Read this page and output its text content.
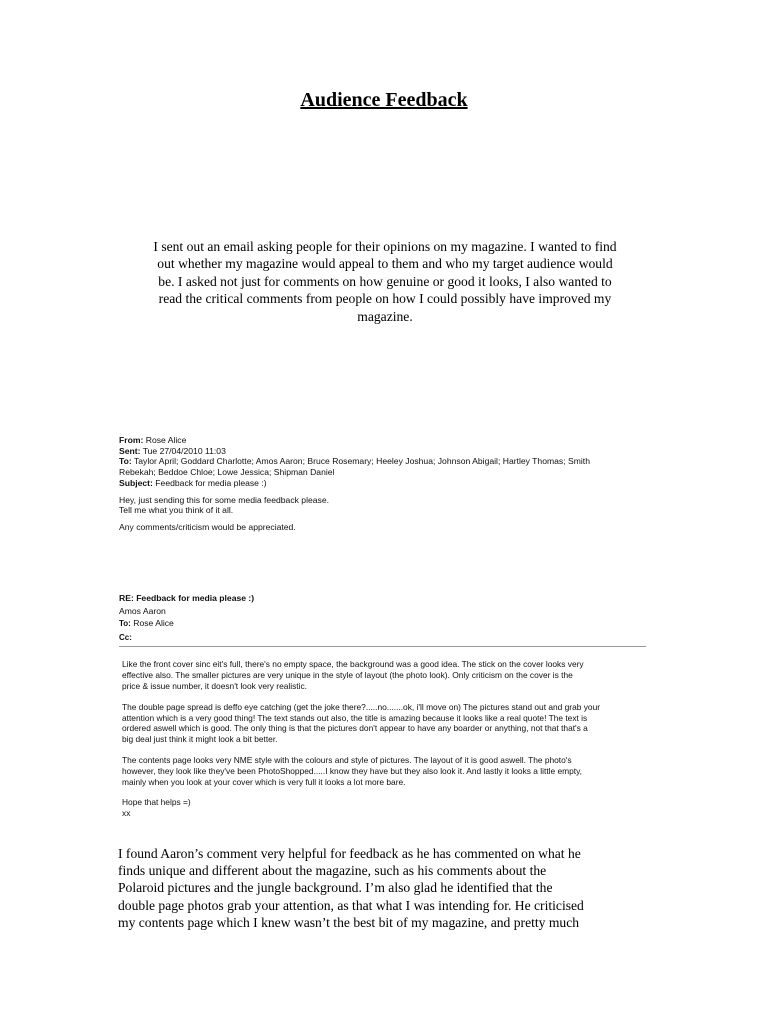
Audience Feedback
I sent out an email asking people for their opinions on my magazine. I wanted to find
out whether my magazine would appeal to them and who my target audience would
be. I asked not just for comments on how genuine or good it looks, I also wanted to
read the critical comments from people on how I could possibly have improved my
magazine.
From: Rose Alice
Sent: Tue 27/04/2010 11:03
To: Taylor April; Goddard Charlotte; Amos Aaron; Bruce Rosemary; Heeley Joshua; Johnson Abigail; Hartley Thomas; Smith
Rebekah; Beddoe Chloe; Lowe Jessica; Shipman Daniel
Subject: Feedback for media please :)
Hey, just sending this for some media feedback please.
Tell me what you think of it all.
Any comments/criticism would be appreciated.
RE: Feedback for media please :)
Amos Aaron
To: Rose Alice
Cc:
Like the front cover sinc eit's full, there's no empty space, the background was a good idea. The stick on the cover looks very
effective also. The smaller pictures are very unique in the style of layout (the photo look). Only criticism on the cover is the
price & issue number, it doesn't look very realistic.
The double page spread is deffo eye catching (get the joke there?.....no.......ok, i'll move on) The pictures stand out and grab your
attention which is a very good thing! The text stands out also, the title is amazing because it looks like a real quote! The text is
ordered aswell which is good. The only thing is that the pictures don't appear to have any boarder or anything, not that that's a
big deal just think it might look a bit better.
The contents page looks very NME style with the colours and style of pictures. The layout of it is good aswell. The photo's
however, they look like they've been PhotoShopped.....I know they have but they also look it. And lastly it looks a little empty,
mainly when you look at your cover which is very full it looks a lot more bare.
Hope that helps =)
xx
I found Aaron’s comment very helpful for feedback as he has commented on what he
finds unique and different about the magazine, such as his comments about the
Polaroid pictures and the jungle background. I’m also glad he identified that the
double page photos grab your attention, as that what I was intending for. He criticised
my contents page which I knew wasn’t the best bit of my magazine, and pretty much
